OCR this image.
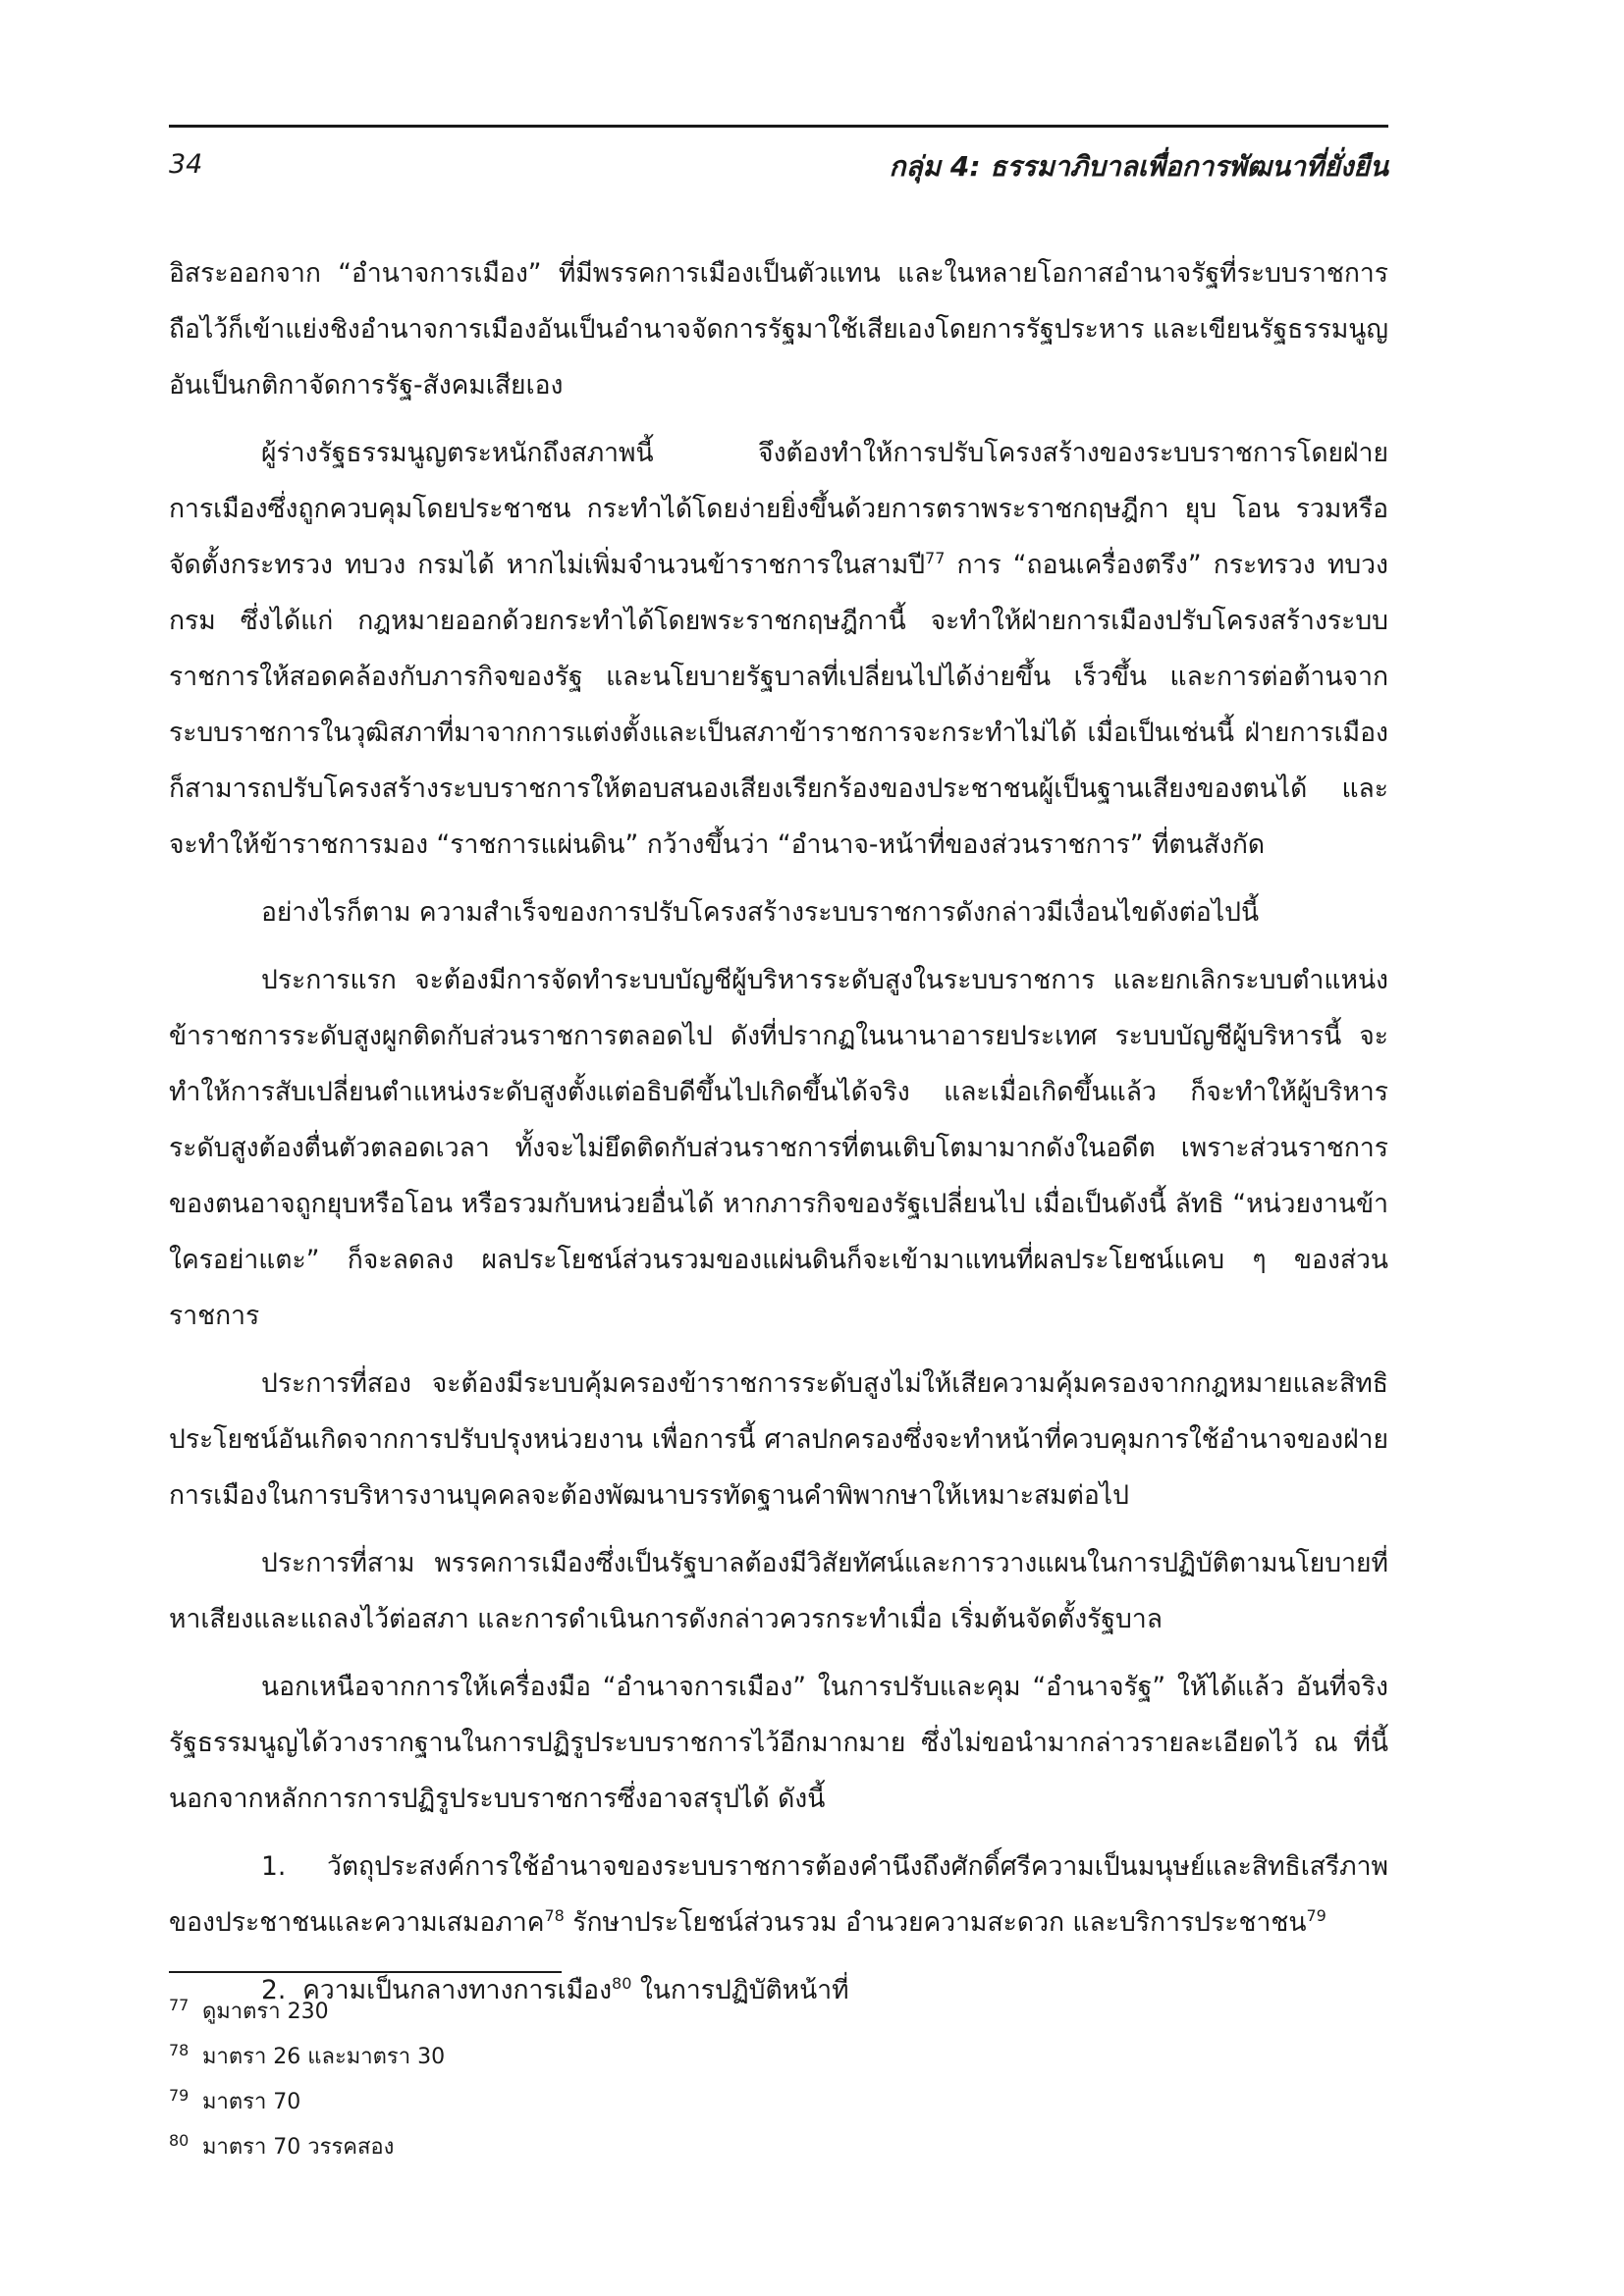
34	กลุ่ม 4: ธรรมาภิบาลเพื่อการพัฒนาที่ยั่งยืน

อิสระออกจาก “อำนาจการเมือง” ที่มีพรรคการเมืองเป็นตัวแทน และในหลายโอกาสอำนาจรัฐที่ระบบราชการถือไว้ก็เข้าแย่งชิงอำนาจการเมืองอันเป็นอำนาจจัดการรัฐมาใช้เสียเองโดยการรัฐประหาร และเขียนรัฐธรรมนูญอันเป็นกติกาจัดการรัฐ-สังคมเสียเอง

ผู้ร่างรัฐธรรมนูญตระหนักถึงสภาพนี้ จึงต้องทำให้การปรับโครงสร้างของระบบราชการโดยฝ่ายการเมืองซึ่งถูกควบคุมโดยประชาชน กระทำได้โดยง่ายยิ่งขึ้นด้วยการตราพระราชกฤษฎีกา ยุบ โอน รวมหรือจัดตั้งกระทรวง ทบวง กรมได้ หากไม่เพิ่มจำนวนข้าราชการในสามปี$^{77}$ การ “ถอนเครื่องตรึง” กระทรวง ทบวง กรม ซึ่งได้แก่ กฎหมายออกด้วยกระทำได้โดยพระราชกฤษฎีกานี้ จะทำให้ฝ่ายการเมืองปรับโครงสร้างระบบราชการให้สอดคล้องกับภารกิจของรัฐ และนโยบายรัฐบาลที่เปลี่ยนไปได้ง่ายขึ้น เร็วขึ้น และการต่อต้านจากระบบราชการในวุฒิสภาที่มาจากการแต่งตั้งและเป็นสภาข้าราชการจะกระทำไม่ได้ เมื่อเป็นเช่นนี้ ฝ่ายการเมืองก็สามารถปรับโครงสร้างระบบราชการให้ตอบสนองเสียงเรียกร้องของประชาชนผู้เป็นฐานเสียงของตนได้ และจะทำให้ข้าราชการมอง “ราชการแผ่นดิน” กว้างขึ้นว่า “อำนาจ-หน้าที่ของส่วนราชการ” ที่ตนสังกัด

อย่างไรก็ตาม ความสำเร็จของการปรับโครงสร้างระบบราชการดังกล่าวมีเงื่อนไขดังต่อไปนี้

ประการแรก จะต้องมีการจัดทำระบบบัญชีผู้บริหารระดับสูงในระบบราชการ และยกเลิกระบบตำแหน่งข้าราชการระดับสูงผูกติดกับส่วนราชการตลอดไป ดังที่ปรากฏในนานาอารยประเทศ ระบบบัญชีผู้บริหารนี้ จะทำให้การสับเปลี่ยนตำแหน่งระดับสูงตั้งแต่อธิบดีขึ้นไปเกิดขึ้นได้จริง และเมื่อเกิดขึ้นแล้ว ก็จะทำให้ผู้บริหารระดับสูงต้องตื่นตัวตลอดเวลา ทั้งจะไม่ยึดติดกับส่วนราชการที่ตนเติบโตมามากดังในอดีต เพราะส่วนราชการของตนอาจถูกยุบหรือโอน หรือรวมกับหน่วยอื่นได้ หากภารกิจของรัฐเปลี่ยนไป เมื่อเป็นดังนี้ ลัทธิ “หน่วยงานข้าใครอย่าแตะ” ก็จะลดลง ผลประโยชน์ส่วนรวมของแผ่นดินก็จะเข้ามาแทนที่ผลประโยชน์แคบ ๆ ของส่วนราชการ

ประการที่สอง จะต้องมีระบบคุ้มครองข้าราชการระดับสูงไม่ให้เสียความคุ้มครองจากกฎหมายและสิทธิประโยชน์อันเกิดจากการปรับปรุงหน่วยงาน เพื่อการนี้ ศาลปกครองซึ่งจะทำหน้าที่ควบคุมการใช้อำนาจของฝ่ายการเมืองในการบริหารงานบุคคลจะต้องพัฒนาบรรทัดฐานคำพิพากษาให้เหมาะสมต่อไป

ประการที่สาม พรรคการเมืองซึ่งเป็นรัฐบาลต้องมีวิสัยทัศน์และการวางแผนในการปฏิบัติตามนโยบายที่หาเสียงและแถลงไว้ต่อสภา และการดำเนินการดังกล่าวควรกระทำเมื่อ เริ่มต้นจัดตั้งรัฐบาล

นอกเหนือจากการให้เครื่องมือ “อำนาจการเมือง” ในการปรับและคุม “อำนาจรัฐ” ให้ได้แล้ว อันที่จริงรัฐธรรมนูญได้วางรากฐานในการปฏิรูประบบราชการไว้อีกมากมาย ซึ่งไม่ขอนำมากล่าวรายละเอียดไว้ ณ ที่นี้ นอกจากหลักการการปฏิรูประบบราชการซึ่งอาจสรุปได้ ดังนี้

1. วัตถุประสงค์การใช้อำนาจของระบบราชการต้องคำนึงถึงศักดิ์ศรีความเป็นมนุษย์และสิทธิเสรีภาพของประชาชนและความเสมอภาค$^{78}$ รักษาประโยชน์ส่วนรวม อำนวยความสะดวก และบริการประชาชน$^{79}$

2. ความเป็นกลางทางการเมือง$^{80}$ ในการปฏิบัติหน้าที่

$^{77}$ ดูมาตรา 230
$^{78}$ มาตรา 26 และมาตรา 30
$^{79}$ มาตรา 70
$^{80}$ มาตรา 70 วรรคสอง
